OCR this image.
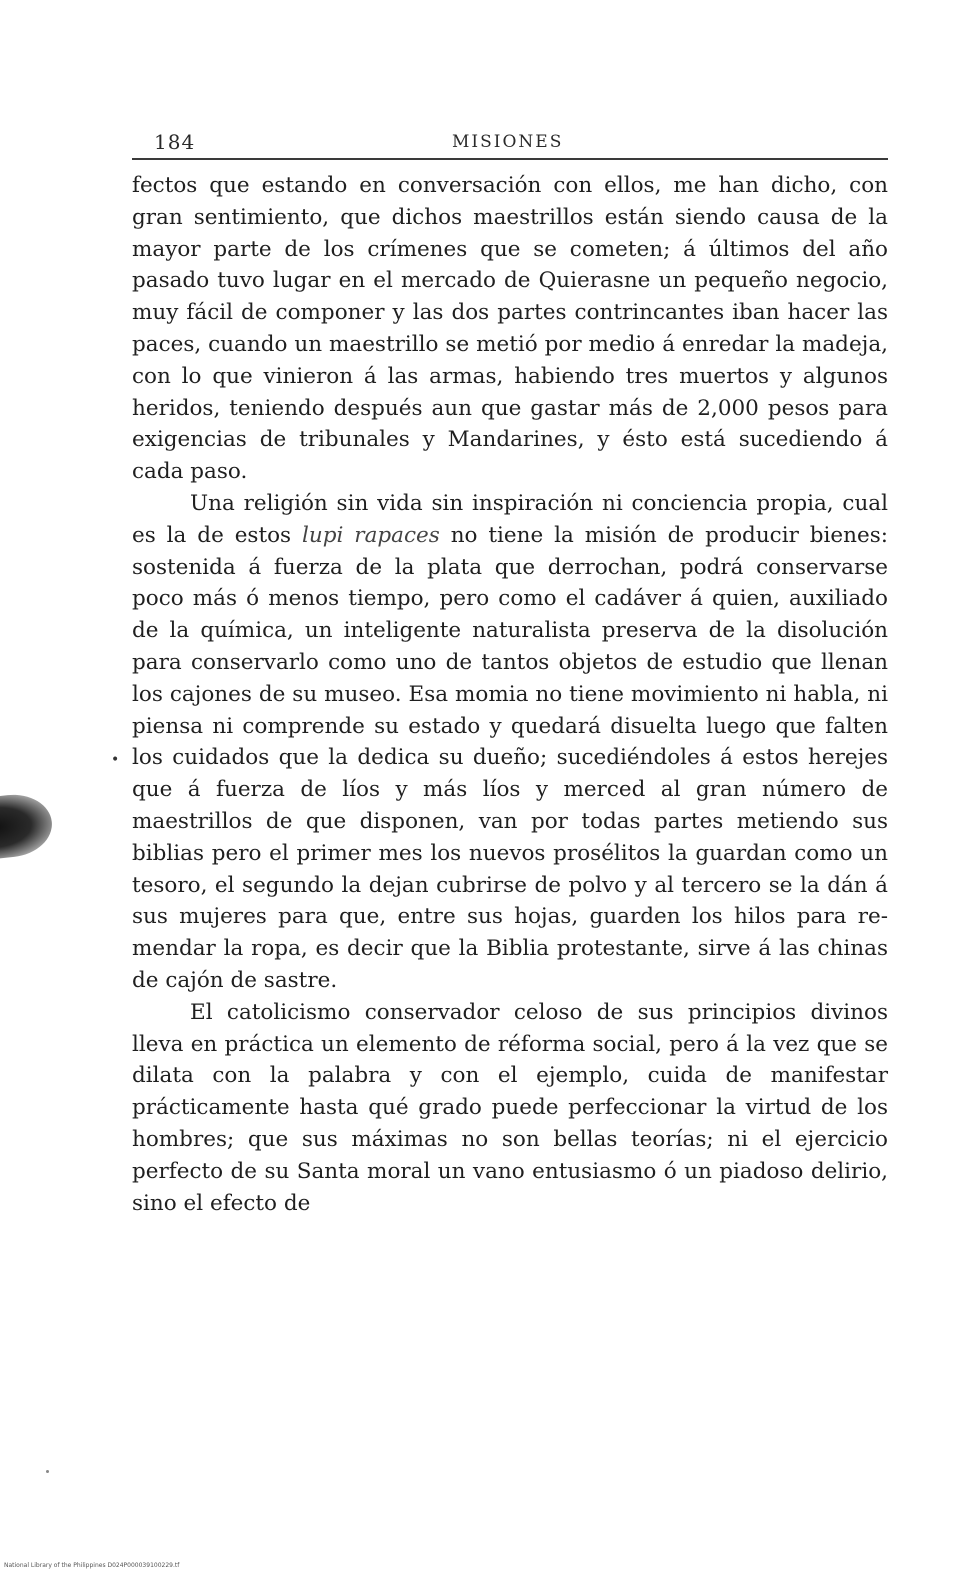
184	MISIONES

fectos que estando en conversación con ellos, me han dicho, con gran sentimiento, que dichos maestrillos están siendo causa de la mayor parte de los crímenes que se cometen; á últimos del año pasado tuvo lugar en el mercado de Quierasne un pequeño negocio, muy fácil de componer y las dos partes contrincantes iban hacer las paces, cuando un maestrillo se metió por medio á enredar la madeja, con lo que vinieron á las armas, habiendo tres muertos y algunos heridos, teniendo después aun que gastar más de 2,000 pesos para exigencias de tribunales y Mandarines, y ésto está sucediendo á cada paso.

Una religión sin vida sin inspiración ni conciencia propia, cual es la de estos lupi rapaces no tiene la misión de producir bienes: sostenida á fuerza de la plata que derrochan, podrá conservarse poco más ó menos tiempo, pero como el cadáver á quien, auxiliado de la química, un inteligente naturalista preserva de la disolución para conservarlo como uno de tantos objetos de estudio que llenan los cajones de su museo. Esa momia no tiene movimiento ni habla, ni piensa ni comprende su estado y quedará disuelta luego que falten los cuidados que la dedica su dueño; sucediéndoles á estos herejes que á fuerza de líos y más líos y merced al gran número de maestrillos de que disponen, van por todas partes metiendo sus biblias pero el primer mes los nuevos prosélitos la guardan como un tesoro, el segundo la dejan cubrirse de polvo y al tercero se la dán á sus mujeres para que, entre sus hojas, guarden los hilos para remendar la ropa, es decir que la Biblia protestante, sirve á las chinas de cajón de sastre.

El catolicismo conservador celoso de sus principios divinos lleva en práctica un elemento de réforma social, pero á la vez que se dilata con la palabra y con el ejemplo, cuida de manifestar prácticamente hasta qué grado puede perfeccionar la virtud de los hombres; que sus máximas no son bellas teorías; ni el ejercicio perfecto de su Santa moral un vano entusiasmo ó un piadoso delirio, sino el efecto de

•
National Library of the Philippines D024P000039100229.tf
